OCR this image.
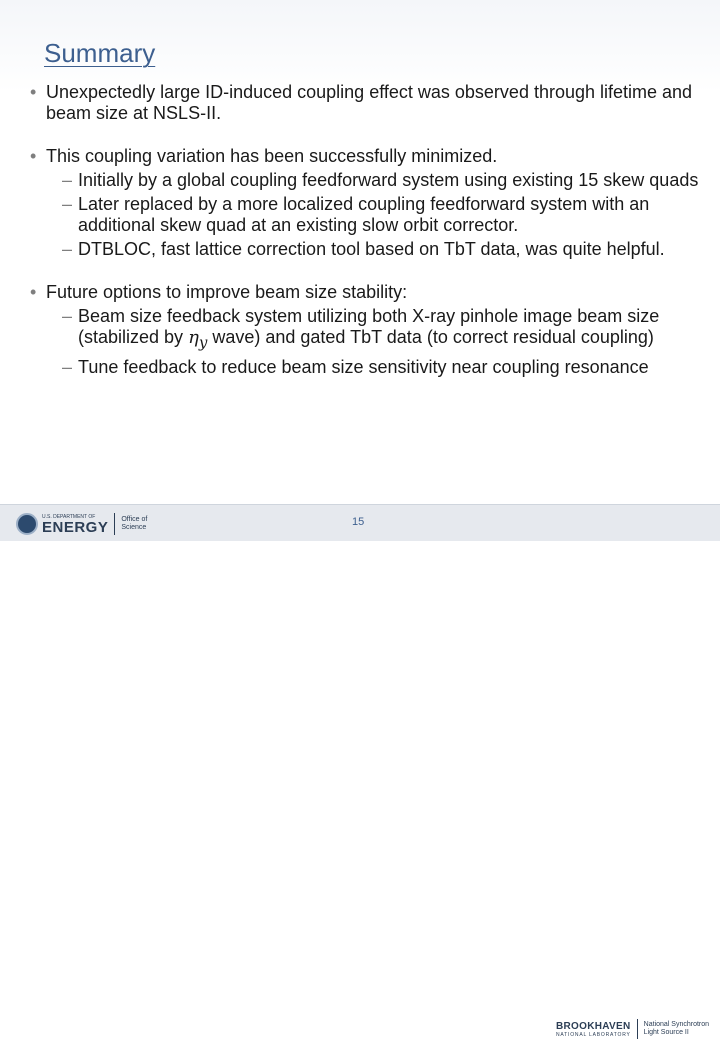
Summary
• Unexpectedly large ID-induced coupling effect was observed through lifetime and beam size at NSLS-II.
• This coupling variation has been successfully minimized.
– Initially by a global coupling feedforward system using existing 15 skew quads
– Later replaced by a more localized coupling feedforward system with an additional skew quad at an existing slow orbit corrector.
– DTBLOC, fast lattice correction tool based on TbT data, was quite helpful.
• Future options to improve beam size stability:
– Beam size feedback system utilizing both X-ray pinhole image beam size (stabilized by $\eta_y$ wave) and gated TbT data (to correct residual coupling)
– Tune feedback to reduce beam size sensitivity near coupling resonance
U.S. DEPARTMENT OF
ENERGY Office of
Science
BROOKHAVEN
NATIONAL LABORATORY
National Synchrotron
Light Source II
15
